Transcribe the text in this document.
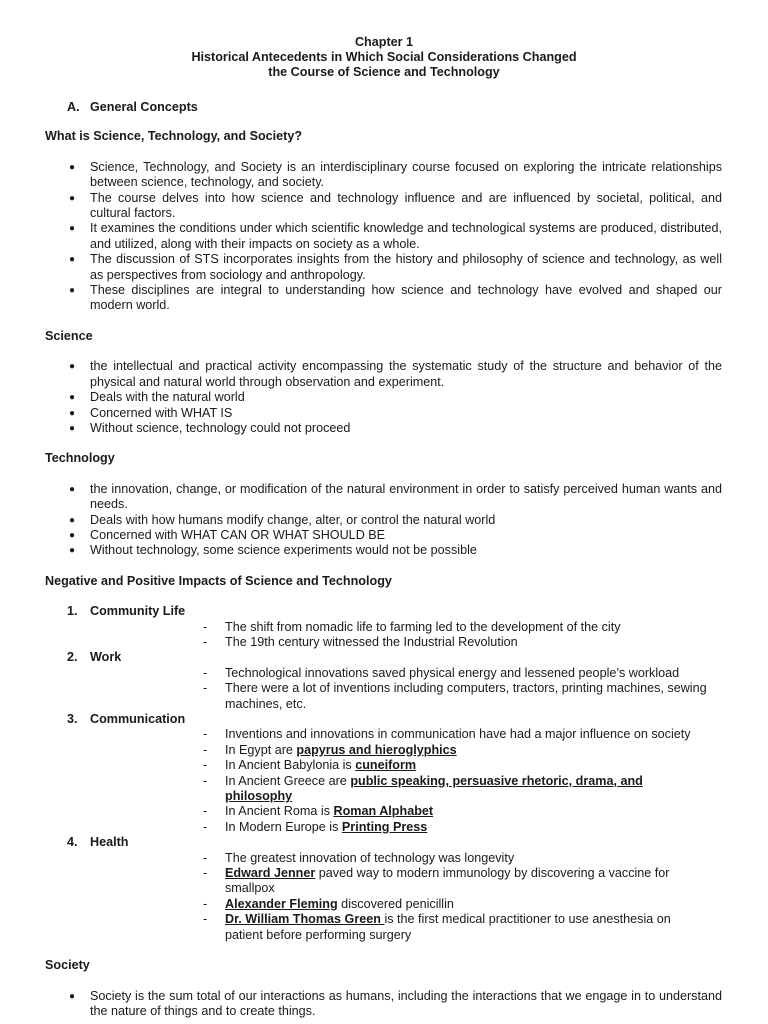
Chapter 1
Historical Antecedents in Which Social Considerations Changed
the Course of Science and Technology
A. General Concepts
What is Science, Technology, and Society?
● Science, Technology, and Society is an interdisciplinary course focused on exploring the intricate relationships between science, technology, and society.
● The course delves into how science and technology influence and are influenced by societal, political, and cultural factors.
● It examines the conditions under which scientific knowledge and technological systems are produced, distributed, and utilized, along with their impacts on society as a whole.
● The discussion of STS incorporates insights from the history and philosophy of science and technology, as well as perspectives from sociology and anthropology.
● These disciplines are integral to understanding how science and technology have evolved and shaped our modern world.
Science
● the intellectual and practical activity encompassing the systematic study of the structure and behavior of the physical and natural world through observation and experiment.
● Deals with the natural world
● Concerned with WHAT IS
● Without science, technology could not proceed
Technology
● the innovation, change, or modification of the natural environment in order to satisfy perceived human wants and needs.
● Deals with how humans modify change, alter, or control the natural world
● Concerned with WHAT CAN OR WHAT SHOULD BE
● Without technology, some science experiments would not be possible
Negative and Positive Impacts of Science and Technology
1. Community Life
- The shift from nomadic life to farming led to the development of the city
- The 19th century witnessed the Industrial Revolution
2. Work
- Technological innovations saved physical energy and lessened people’s workload
- There were a lot of inventions including computers, tractors, printing machines, sewing machines, etc.
3. Communication
- Inventions and innovations in communication have had a major influence on society
- In Egypt are papyrus and hieroglyphics
- In Ancient Babylonia is cuneiform
- In Ancient Greece are public speaking, persuasive rhetoric, drama, and philosophy
- In Ancient Roma is Roman Alphabet
- In Modern Europe is Printing Press
4. Health
- The greatest innovation of technology was longevity
- Edward Jenner paved way to modern immunology by discovering a vaccine for smallpox
- Alexander Fleming discovered penicillin
- Dr. William Thomas Green is the first medical practitioner to use anesthesia on patient before performing surgery
Society
● Society is the sum total of our interactions as humans, including the interactions that we engage in to understand the nature of things and to create things.
